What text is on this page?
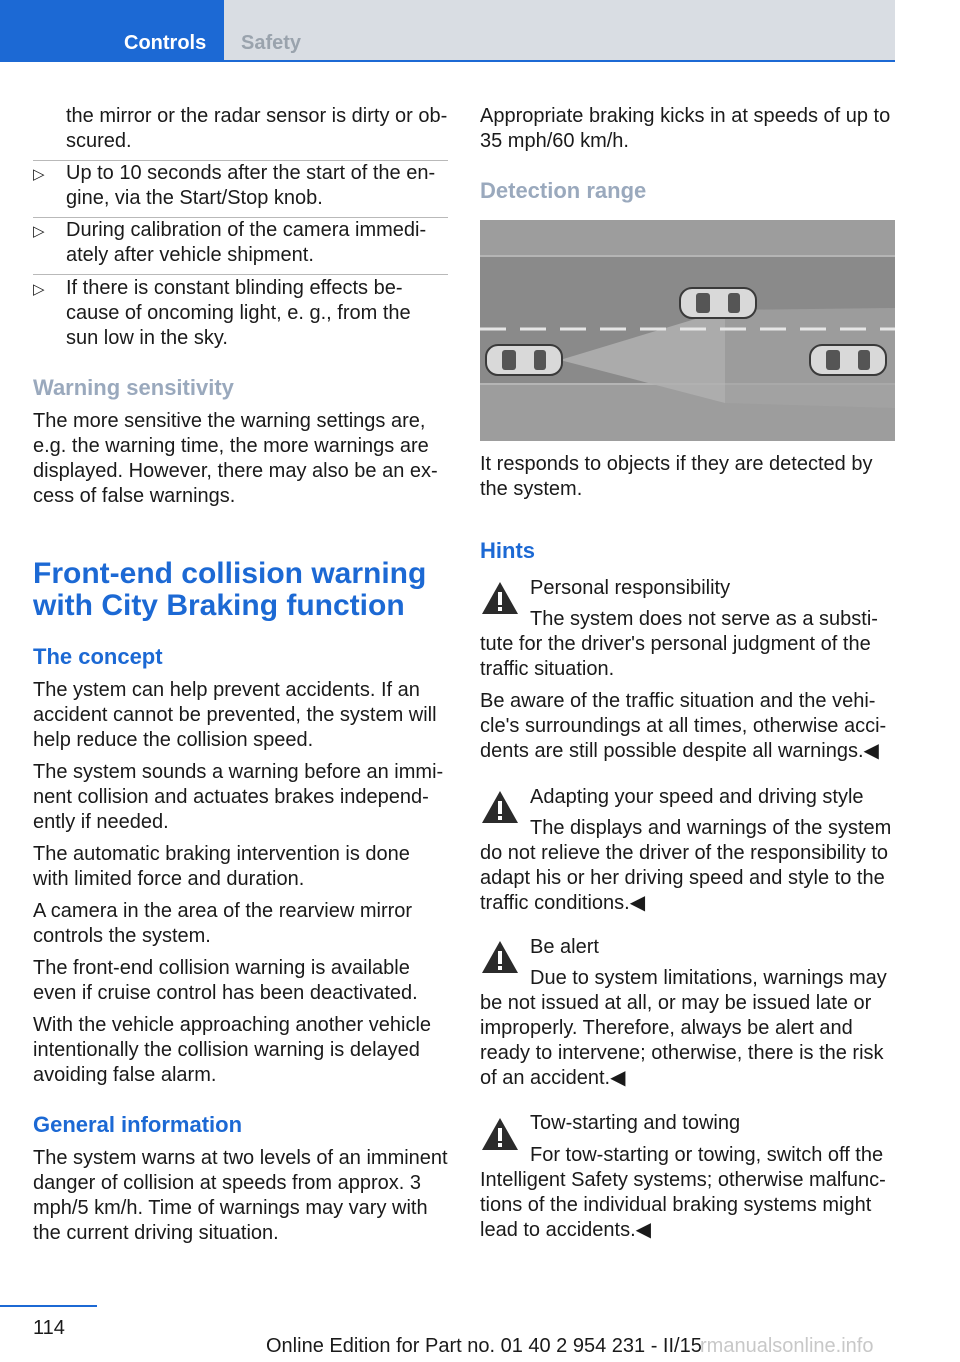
Controls	Safety

the mirror or the radar sensor is dirty or ob‐ scured.

▷ Up to 10 seconds after the start of the en‐ gine, via the Start/Stop knob.

▷ During calibration of the camera immedi‐ ately after vehicle shipment.

▷ If there is constant blinding effects be‐ cause of oncoming light, e. g., from the sun low in the sky.

Warning sensitivity

The more sensitive the warning settings are, e.g. the warning time, the more warnings are displayed. However, there may also be an ex‐ cess of false warnings.

Front-end collision warning with City Braking function
The concept

The ystem can help prevent accidents. If an accident cannot be prevented, the system will help reduce the collision speed.

The system sounds a warning before an immi‐ nent collision and actuates brakes independ‐ ently if needed.

The automatic braking intervention is done with limited force and duration.

A camera in the area of the rearview mirror controls the system.

The front-end collision warning is available even if cruise control has been deactivated.

With the vehicle approaching another vehicle intentionally the collision warning is delayed avoiding false alarm.

General information

The system warns at two levels of an imminent danger of collision at speeds from approx. 3 mph/5 km/h. Time of warnings may vary with the current driving situation.

Appropriate braking kicks in at speeds of up to 35 mph/60 km/h.

Detection range

It responds to objects if they are detected by the system.

Hints

Personal responsibility

The system does not serve as a substi‐

tute for the driver's personal judgment of the traffic situation.

Be aware of the traffic situation and the vehi‐ cle's surroundings at all times, otherwise acci‐ dents are still possible despite all warnings.◀

Adapting your speed and driving style

The displays and warnings of the system

do not relieve the driver of the responsibility to adapt his or her driving speed and style to the traffic conditions.◀

Be alert

Due to system limitations, warnings may

be not issued at all, or may be issued late or improperly. Therefore, always be alert and ready to intervene; otherwise, there is the risk of an accident.◀

Tow-starting and towing

For tow-starting or towing, switch off the

Intelligent Safety systems; otherwise malfunc‐ tions of the individual braking systems might lead to accidents.◀

114
Online Edition for Part no. 01 40 2 954 231 - II/15
rmanualsonline.info
